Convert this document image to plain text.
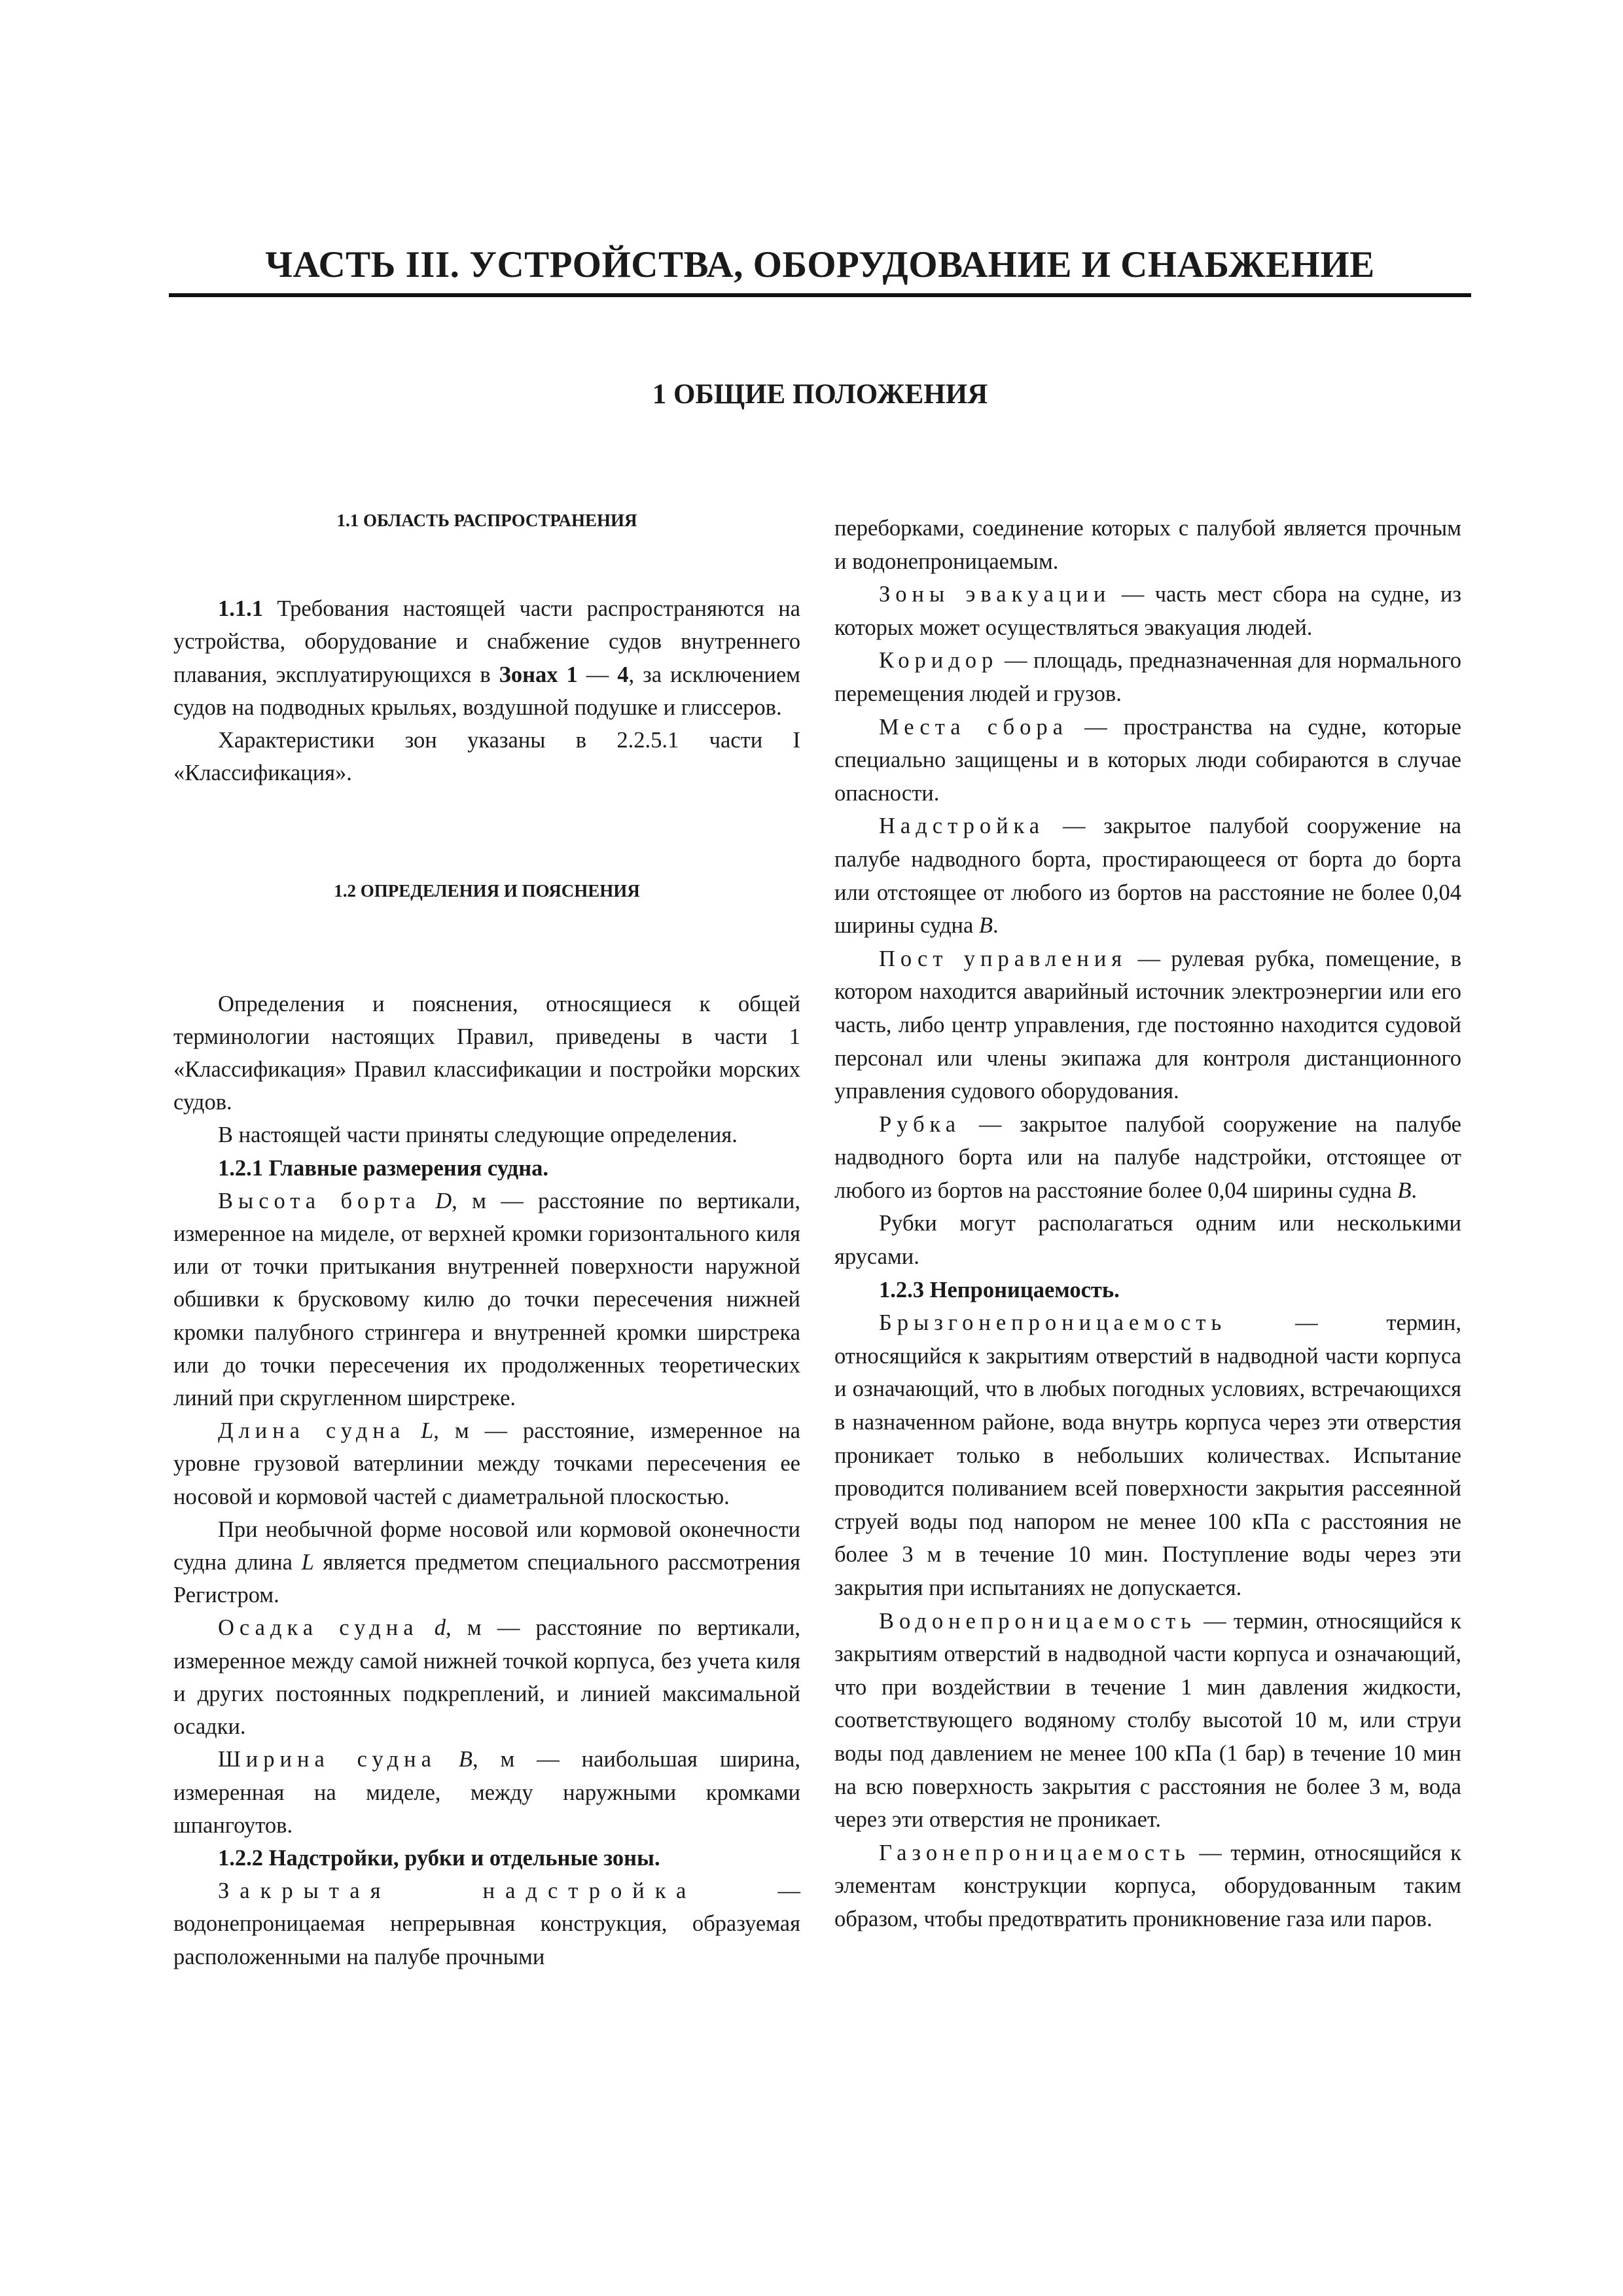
ЧАСТЬ III. УСТРОЙСТВА, ОБОРУДОВАНИЕ И СНАБЖЕНИЕ
1 ОБЩИЕ ПОЛОЖЕНИЯ

1.1 ОБЛАСТЬ РАСПРОСТРАНЕНИЯ

1.1.1 Требования настоящей части распространяются на устройства, оборудование и снабжение судов внутреннего плавания, эксплуатирующихся в Зонах 1 — 4, за исключением судов на подводных крыльях, воздушной подушке и глиссеров.

Характеристики зон указаны в 2.2.5.1 части I «Классификация».

1.2 ОПРЕДЕЛЕНИЯ И ПОЯСНЕНИЯ

Определения и пояснения, относящиеся к общей терминологии настоящих Правил, приведены в части 1 «Классификация» Правил классификации и постройки морских судов.

В настоящей части приняты следующие определения.

1.2.1 Главные размерения судна.

Высота борта D, м — расстояние по вертикали, измеренное на миделе, от верхней кромки горизонтального киля или от точки притыкания внутренней поверхности наружной обшивки к брусковому килю до точки пересечения нижней кромки палубного стрингера и внутренней кромки ширстрека или до точки пересечения их продолженных теоретических линий при скругленном ширстреке.

Длина судна L, м — расстояние, измеренное на уровне грузовой ватерлинии между точками пересечения ее носовой и кормовой частей с диаметральной плоскостью.

При необычной форме носовой или кормовой оконечности судна длина L является предметом специального рассмотрения Регистром.

Осадка судна d, м — расстояние по вертикали, измеренное между самой нижней точкой корпуса, без учета киля и других постоянных подкреплений, и линией максимальной осадки.

Ширина судна B, м — наибольшая ширина, измеренная на миделе, между наружными кромками шпангоутов.

1.2.2 Надстройки, рубки и отдельные зоны.

Закрытая надстройка — водонепроницаемая непрерывная конструкция, образуемая расположенными на палубе прочными

переборками, соединение которых с палубой является прочным и водонепроницаемым.

Зоны эвакуации — часть мест сбора на судне, из которых может осуществляться эвакуация людей.

Коридор — площадь, предназначенная для нормального перемещения людей и грузов.

Места сбора — пространства на судне, которые специально защищены и в которых люди собираются в случае опасности.

Надстройка — закрытое палубой сооружение на палубе надводного борта, простирающееся от борта до борта или отстоящее от любого из бортов на расстояние не более 0,04 ширины судна B.

Пост управления — рулевая рубка, помещение, в котором находится аварийный источник электроэнергии или его часть, либо центр управления, где постоянно находится судовой персонал или члены экипажа для контроля дистанционного управления судового оборудования.

Рубка — закрытое палубой сооружение на палубе надводного борта или на палубе надстройки, отстоящее от любого из бортов на расстояние более 0,04 ширины судна B.

Рубки могут располагаться одним или несколькими ярусами.

1.2.3 Непроницаемость.

Брызгонепроницаемость — термин, относящийся к закрытиям отверстий в надводной части корпуса и означающий, что в любых погодных условиях, встречающихся в назначенном районе, вода внутрь корпуса через эти отверстия проникает только в небольших количествах. Испытание проводится поливанием всей поверхности закрытия рассеянной струей воды под напором не менее 100 кПа с расстояния не более 3 м в течение 10 мин. Поступление воды через эти закрытия при испытаниях не допускается.

Водонепроницаемость — термин, относящийся к закрытиям отверстий в надводной части корпуса и означающий, что при воздействии в течение 1 мин давления жидкости, соответствующего водяному столбу высотой 10 м, или струи воды под давлением не менее 100 кПа (1 бар) в течение 10 мин на всю поверхность закрытия с расстояния не более 3 м, вода через эти отверстия не проникает.

Газонепроницаемость — термин, относящийся к элементам конструкции корпуса, оборудованным таким образом, чтобы предотвратить проникновение газа или паров.
